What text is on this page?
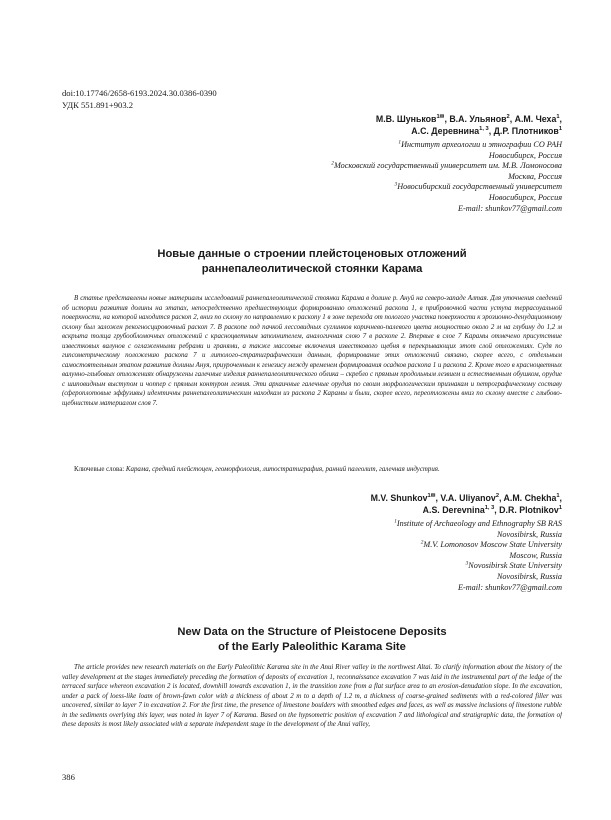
doi:10.17746/2658-6193.2024.30.0386-0390
УДК 551.891+903.2
М.В. Шуньков$^{1✉}$, В.А. Ульянов$^2$, А.М. Чеха$^1$,
А.С. Деревнина$^{1, 3}$, Д.Р. Плотников$^1$
$^1$Институт археологии и этнографии СО РАН
Новосибирск, Россия
$^2$Московский государственный университет им. М.В. Ломоносова
Москва, Россия
$^3$Новосибирский государственный университет
Новосибирск, Россия
E-mail: shunkov77@gmail.com
Новые данные о строении плейстоценовых отложений
раннепалеолитической стоянки Карама
В статье представлены новые материалы исследований раннепалеолитической стоянки Карама в долине р. Ануй на северо-западе Алтая. Для уточнения сведений об истории развития долины на этапах, непосредственно предшествующих формированию отложений раскопа 1, в прибровочной части уступа террасоуальной поверхности, на которой находится раскоп 2, вниз по склону по направлению к раскопу 1 в зоне перехода от пологого участка поверхности к эрозионно-денудационному склону был заложен рекогносцировочный раскоп 7. В раскопе под пачкой лессовидных суглинков коричнево-палевого цвета мощностью около 2 м на глубину до 1,2 м вскрыта толща грубообломочных отложений с красноцветным заполнителем, аналогичная слою 7 в раскопе 2. Впервые в слое 7 Карамы отмечено присутствие известковых валунов с оглаженными ребрами и гранями, а также массовые включения известкового щебня в перекрывающих этот слой отложениях. Судя по гипсометрическому положению раскопа 7 и литолого-стратиграфическим данным, формирование этих отложений связано, скорее всего, с отдельным самостоятельным этапом развития долины Ануя, приуроченным к генезису между временем формирования осадков раскопа 1 и раскопа 2. Кроме того в красноцветных валунно-глыбовых отложениях обнаружены галечные изделия раннепалеолитического облика – скребло с прямым продольным лезвием и естественным обушком, орудие с шиповидным выступом и чоппер с прямым контуром лезвия. Эти архаичные галечные орудия по своим морфологическим признакам и петрографическому составу (сфероплотовые эффузивы) идентичны раннепалеолитическим находкам из раскопа 2 Карамы и были, скорее всего, переотложены вниз по склону вместе с глыбово-щебнистым материалом слоя 7.
Ключевые слова: Карама, средний плейстоцен, геоморфология, литостратиграфия, ранний палеолит, галечная индустрия.
M.V. Shunkov$^{1✉}$, V.A. Uliyanov$^2$, A.M. Chekha$^1$,
A.S. Derevnina$^{1, 3}$, D.R. Plotnikov$^1$
$^1$Institute of Archaeology and Ethnography SB RAS
Novosibirsk, Russia
$^2$M.V. Lomonosov Moscow State University
Moscow, Russia
$^3$Novosibirsk State University
Novosibirsk, Russia
E-mail: shunkov77@gmail.com
New Data on the Structure of Pleistocene Deposits
of the Early Paleolithic Karama Site
The article provides new research materials on the Early Paleolithic Karama site in the Anui River valley in the northwest Altai. To clarify information about the history of the valley development at the stages immediately preceding the formation of deposits of excavation 1, reconnaissance excavation 7 was laid in the instrumental part of the ledge of the terraced surface whereon excavation 2 is located, downhill towards excavation 1, in the transition zone from a flat surface area to an erosion-denudation slope. In the excavation, under a pack of loess-like loam of brown-fawn color with a thickness of about 2 m to a depth of 1.2 m, a thickness of coarse-grained sediments with a red-colored filler was uncovered, similar to layer 7 in excavation 2. For the first time, the presence of limestone boulders with smoothed edges and faces, as well as massive inclusions of limestone rubble in the sediments overlying this layer, was noted in layer 7 of Karama. Based on the hypsometric position of excavation 7 and lithological and stratigraphic data, the formation of these deposits is most likely associated with a separate independent stage in the development of the Anui valley,
386
